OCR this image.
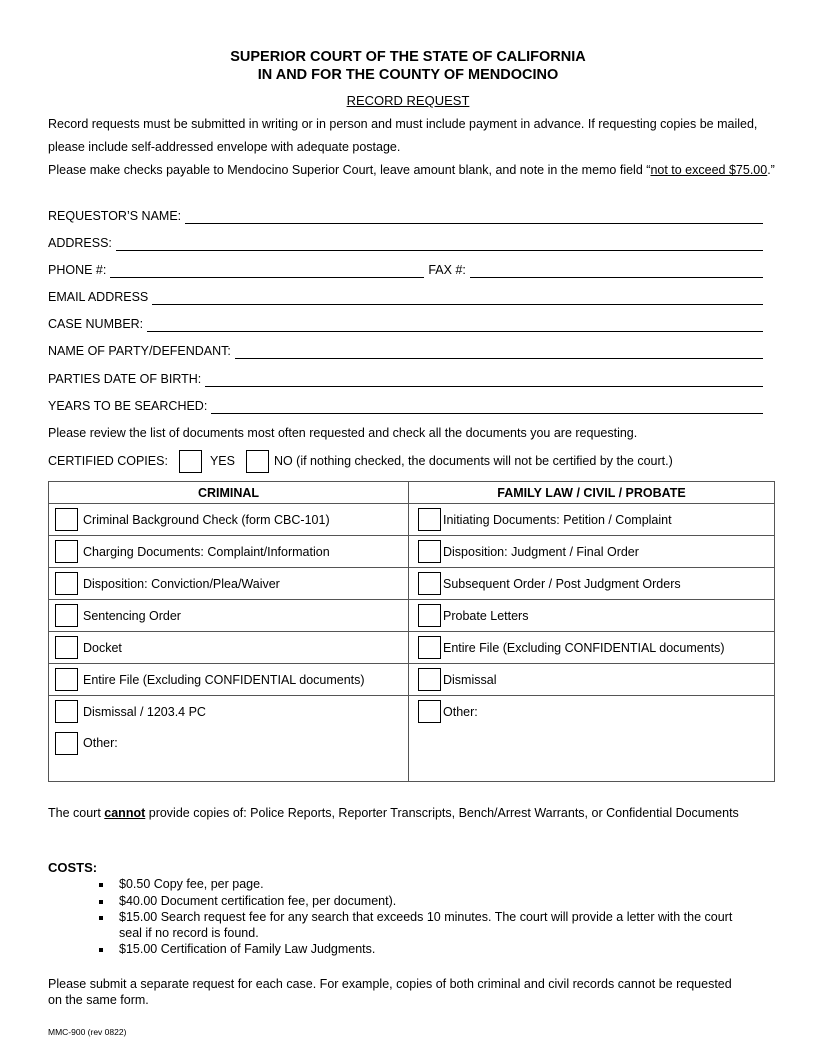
SUPERIOR COURT OF THE STATE OF CALIFORNIA
IN AND FOR THE COUNTY OF MENDOCINO
RECORD REQUEST
Record requests must be submitted in writing or in person and must include payment in advance. If requesting copies be mailed, please include self-addressed envelope with adequate postage.
Please make checks payable to Mendocino Superior Court, leave amount blank, and note in the memo field “not to exceed $75.00.”
REQUESTOR’S NAME:
ADDRESS:
PHONE #:	FAX #:
EMAIL ADDRESS
CASE NUMBER:
NAME OF PARTY/DEFENDANT:
PARTIES DATE OF BIRTH:
YEARS TO BE SEARCHED:
Please review the list of documents most often requested and check all the documents you are requesting.
CERTIFIED COPIES:	YES	NO (if nothing checked, the documents will not be certified by the court.)
CRIMINAL	FAMILY LAW / CIVIL / PROBATE

Criminal Background Check (form CBC-101)	Initiating Documents: Petition / Complaint

Charging Documents: Complaint/Information	Disposition: Judgment / Final Order

Disposition: Conviction/Plea/Waiver	Subsequent Order / Post Judgment Orders

Sentencing Order	Probate Letters

Docket	Entire File (Excluding CONFIDENTIAL documents)

Entire File (Excluding CONFIDENTIAL documents)	Dismissal

Dismissal / 1203.4 PC	Other:

Other:	
The court cannot provide copies of: Police Reports, Reporter Transcripts, Bench/Arrest Warrants, or Confidential Documents
COSTS:
$0.50 Copy fee, per page.
$40.00 Document certification fee, per document).
$15.00 Search request fee for any search that exceeds 10 minutes. The court will provide a letter with the court seal if no record is found.
$15.00 Certification of Family Law Judgments.
Please submit a separate request for each case. For example, copies of both criminal and civil records cannot be requested on the same form.
MMC-900 (rev 0822)
